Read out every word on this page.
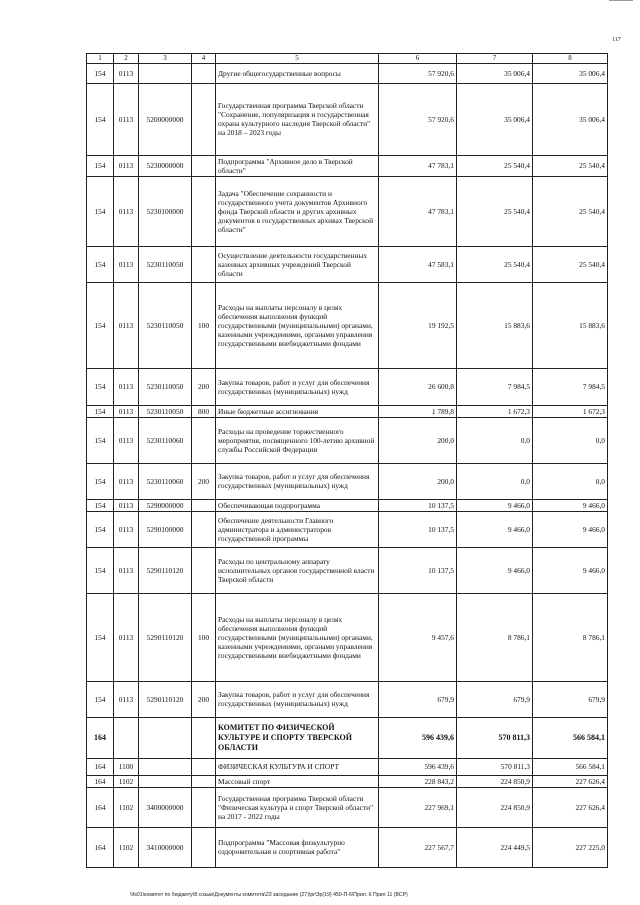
117
1	2	3	4	5	6	7	8
154	0113			Другие общегосударственные вопросы	57 920,6	35 006,4	35 006,4
154	0113	5200000000		Государственная программа Тверской области "Сохранение, популяризация и государственная охрана культурного наследия Тверской области" на 2018 – 2023 годы	57 920,6	35 006,4	35 006,4
154	0113	5230000000		Подпрограмма "Архивное дело в Тверской области"	47 783,1	25 540,4	25 540,4
154	0113	5230100000		Задача "Обеспечение сохранности и государственного учета документов Архивного фонда Тверской области и других архивных документов в государственных архивах Тверской области"	47 783,1	25 540,4	25 540,4
154	0113	5230110050		Осуществление деятельности государственных казенных архивных учреждений Тверской области	47 583,1	25 540,4	25 540,4
154	0113	5230110050	100	Расходы на выплаты персоналу в целях обеспечения выполнения функций государственными (муниципальными) органами, казенными учреждениями, органами управления государственными внебюджетными фондами	19 192,5	15 883,6	15 883,6
154	0113	5230110050	200	Закупка товаров, работ и услуг для обеспечения государственных (муниципальных) нужд	26 600,8	7 984,5	7 984,5
154	0113	5230110050	800	Иные бюджетные ассигнования	1 789,8	1 672,3	1 672,3
154	0113	5230110060		Расходы на проведение торжественного мероприятия, посвященного 100-летию архивной службы Российской Федерации	200,0	0,0	0,0
154	0113	5230110060	200	Закупка товаров, работ и услуг для обеспечения государственных (муниципальных) нужд	200,0	0,0	0,0
154	0113	5290000000		Обеспечивающая подпрограмма	10 137,5	9 466,0	9 466,0
154	0113	5290100000		Обеспечение деятельности Главного администратора и администраторов государственной программы	10 137,5	9 466,0	9 466,0
154	0113	5290110120		Расходы по центральному аппарату исполнительных органов государственной власти Тверской области	10 137,5	9 466,0	9 466,0
154	0113	5290110120	100	Расходы на выплаты персоналу в целях обеспечения выполнения функций государственными (муниципальными) органами, казенными учреждениями, органами управления государственными внебюджетными фондами	9 457,6	8 786,1	8 786,1
154	0113	5290110120	200	Закупка товаров, работ и услуг для обеспечения государственных (муниципальных) нужд	679,9	679,9	679,9
164				КОМИТЕТ ПО ФИЗИЧЕСКОЙ КУЛЬТУРЕ И СПОРТУ ТВЕРСКОЙ ОБЛАСТИ	596 439,6	570 811,3	566 584,1
164	1100			ФИЗИЧЕСКАЯ КУЛЬТУРА И СПОРТ	596 439,6	570 811,3	566 584,1
164	1102			Массовый спорт	228 843,2	224 850,9	227 626,4
164	1102	3400000000		Государственная программа Тверской области "Физическая культура и спорт Тверской области" на 2017 - 2022 годы	227 969,1	224 850,9	227 626,4
164	1102	3410000000		Подпрограмма "Массовая физкультурно оздоровительная и спортивная работа"	227 567,7	224 449,5	227 225,0
\\fs01\комитет по бюджету\8 созыв\Документы комитета\23 заседание (27)\pr\Зр(19) 450-П-6\Прил. 6 Прил 11 (ВСР)
